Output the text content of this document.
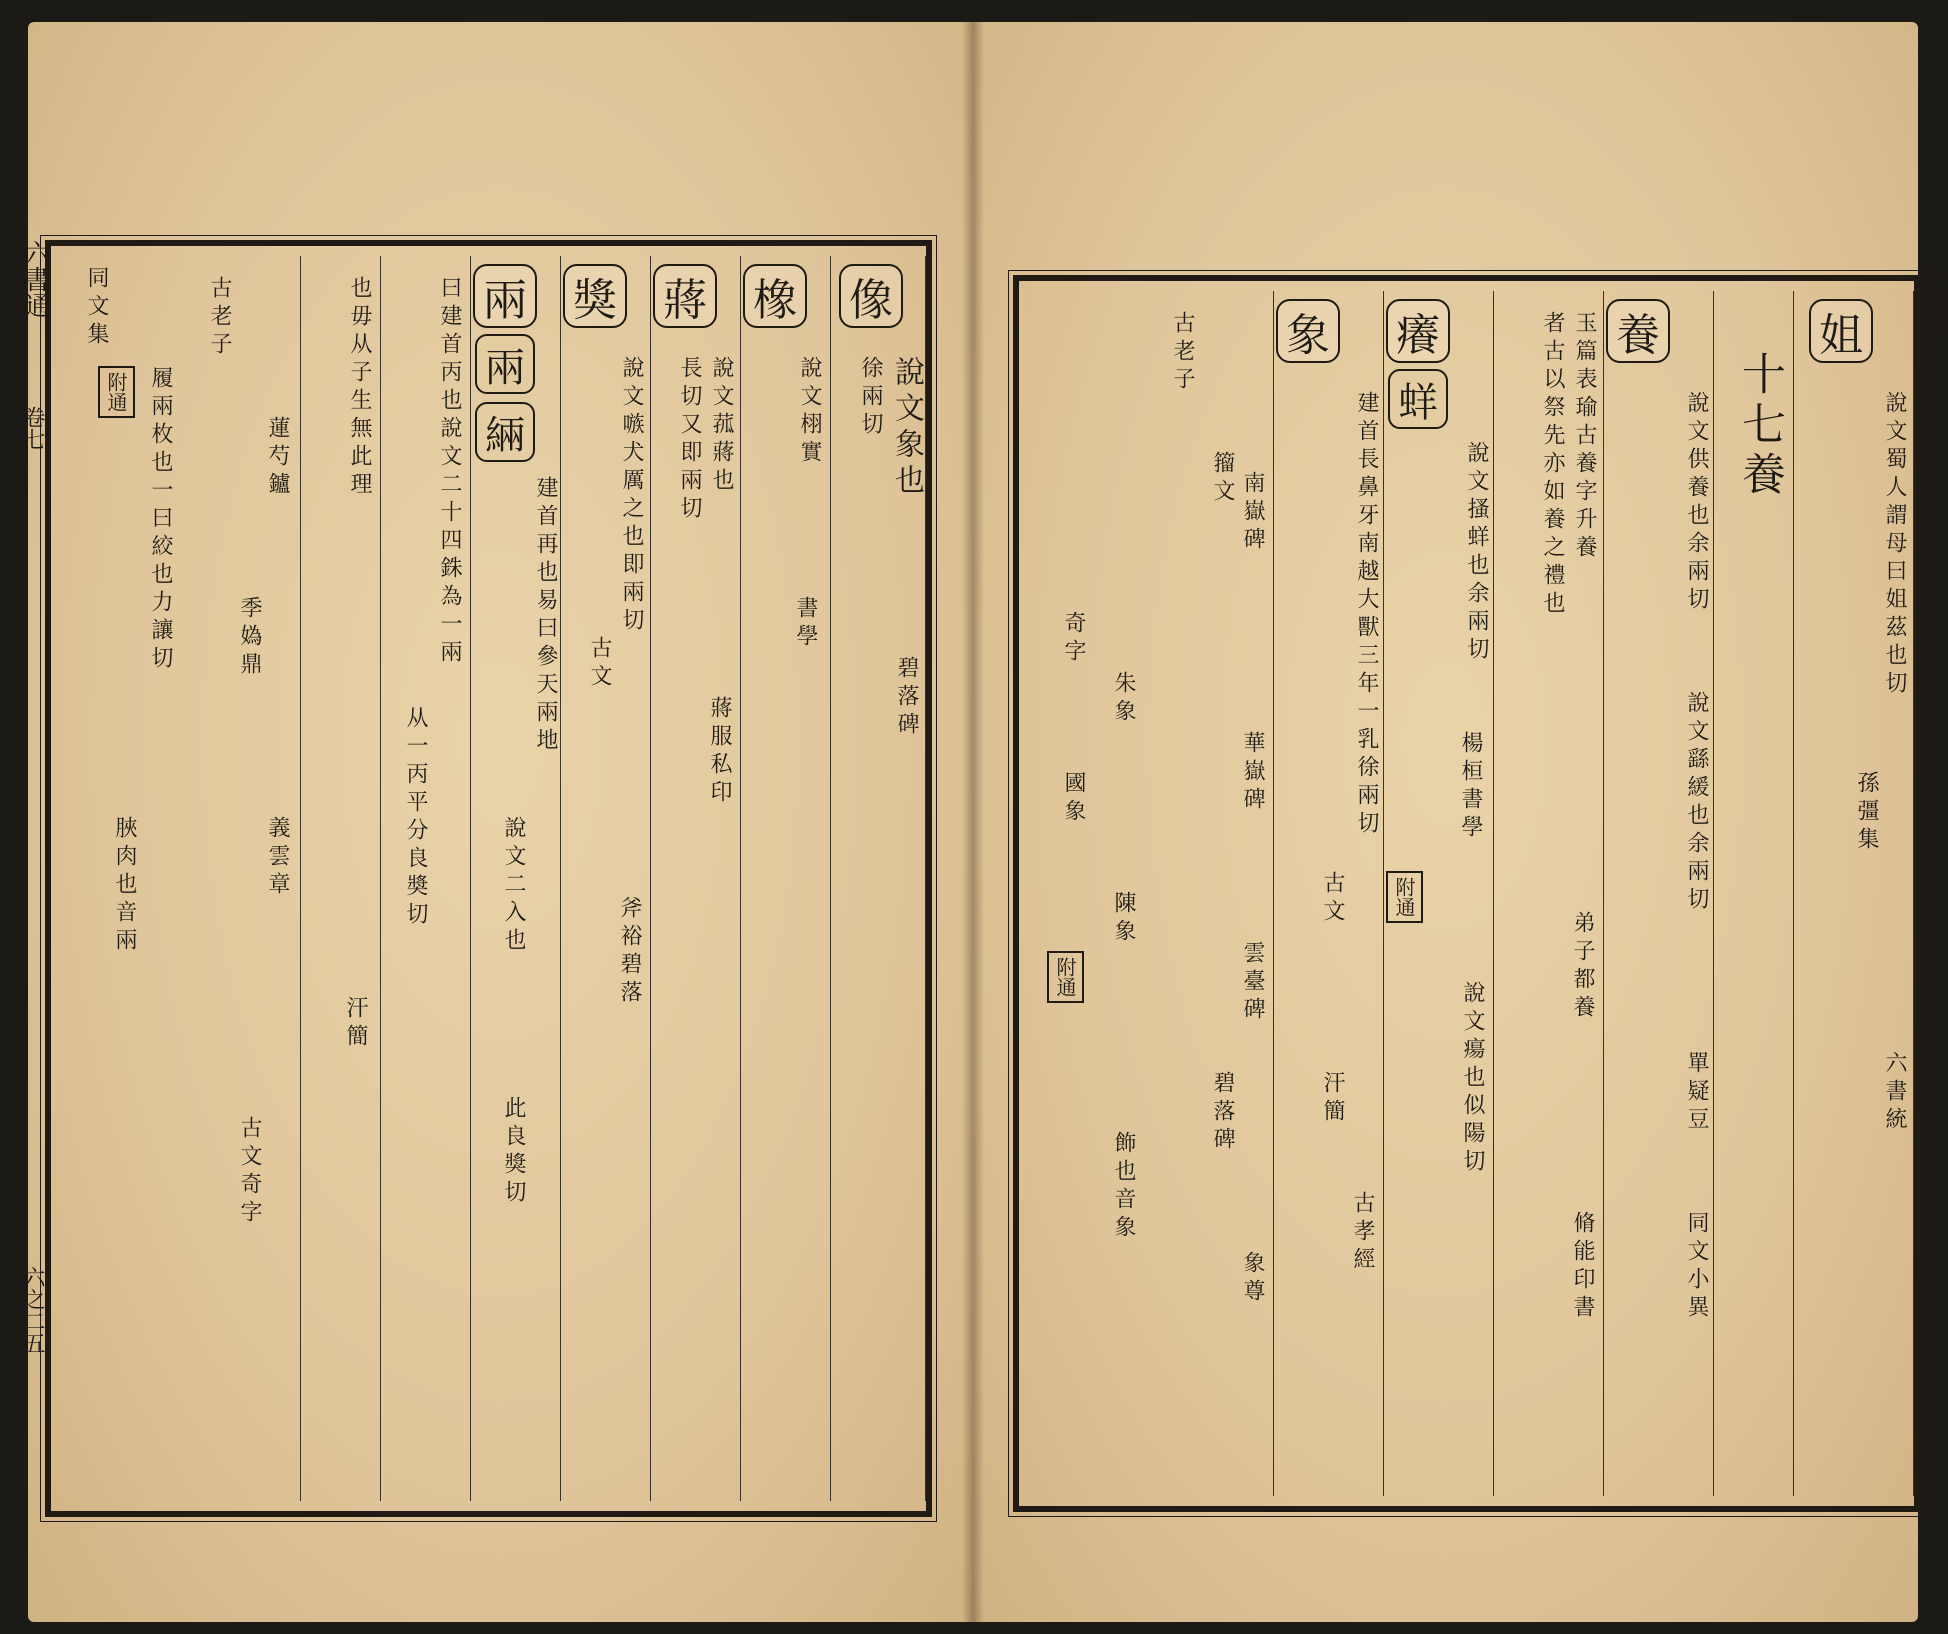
六書通
卷七
六之二五
像
說文象也
徐兩切
碧落碑
橡
說文栩實
書學
蔣
說文菰蔣也
長切又即兩切
蔣服私印
獎
說文嗾犬厲之也即兩切
古文
斧裕碧落
兩
兩
緉
建首再也易曰參天兩地
說文二入也
此良獎切
曰建首丙也說文二十四銖為一兩
从一丙平分良奬切
也毋从子生無此理
汗簡
古老子
蓮芍鑪
季媯鼎
義雲章
古文奇字
同文集
附通 履兩枚也一曰絞也力讓切
脥肉也音兩
六書通
姐
說文蜀人謂母曰姐茲也切
孫彊集
六書統
十七養
養
說文供養也余兩切
說文繇緩也余兩切
單疑豆
同文小異
玉篇表瑜古養字升養
者古以祭先亦如養之禮也
弟子都養
脩能印書
癢
蛘
說文搔蛘也余兩切
楊桓書學
附通
說文瘍也似陽切
象
建首長鼻牙南越大獸三年一乳徐兩切
古文
汗簡
古孝經
古老子
籀文 南嶽碑
華嶽碑
雲臺碑
碧落碑
象尊
奇字
朱象
國象
陳象
附通
飾也音象
